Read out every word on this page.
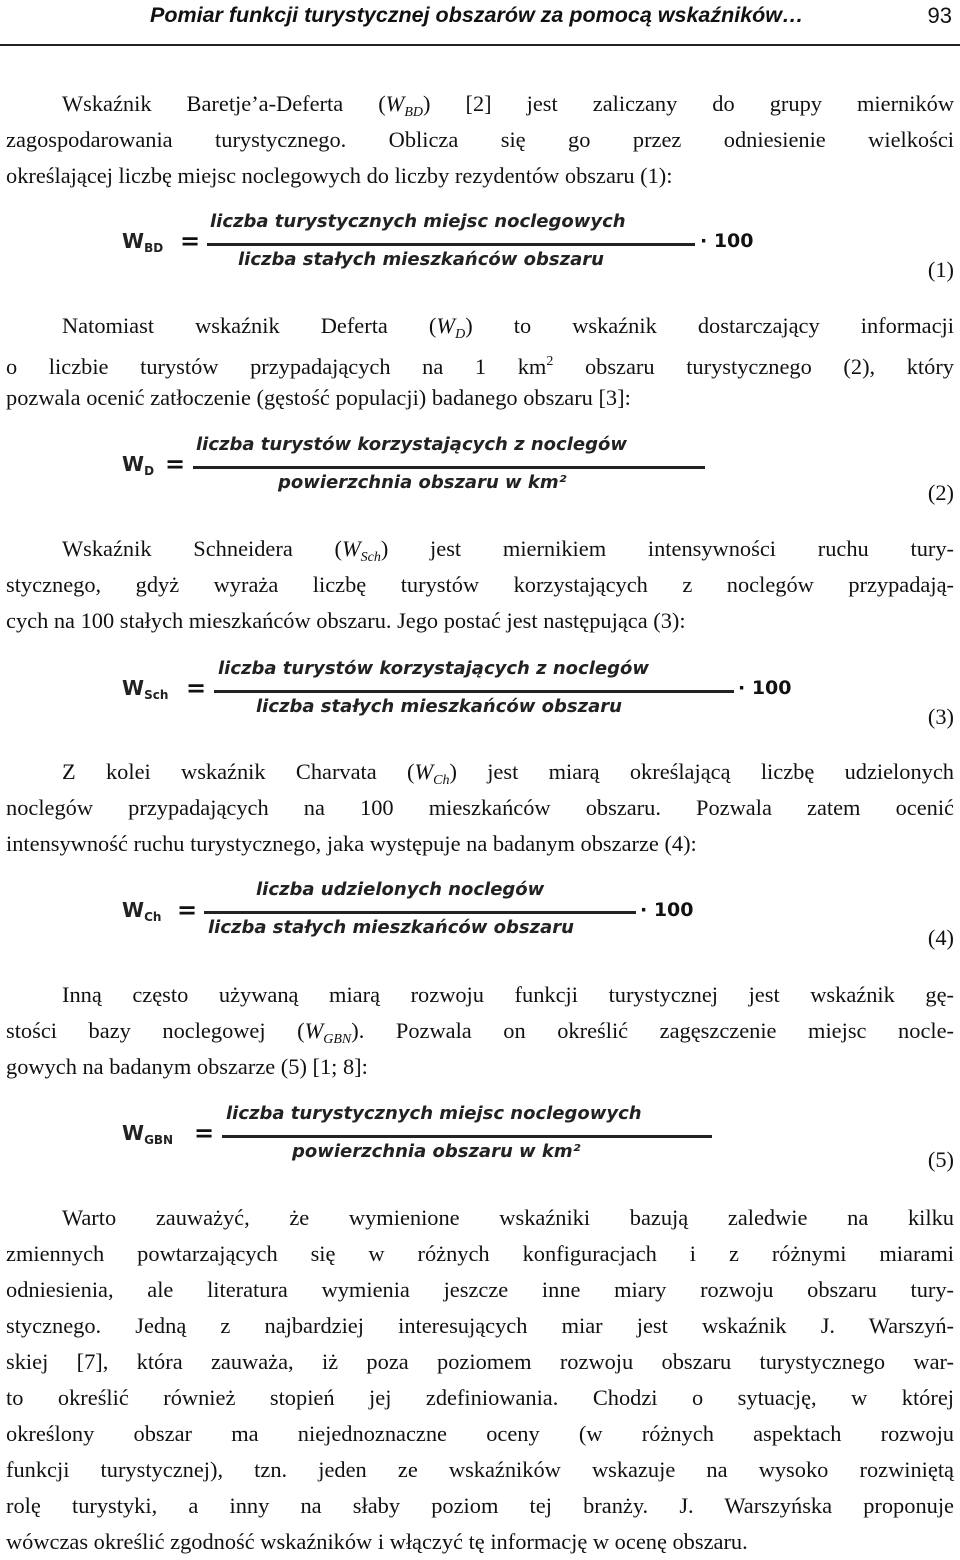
Pomiar funkcji turystycznej obszarów za pomocą wskaźników…	93
Wskaźnik Baretje’a-Deferta $(W_{BD})$ [2] jest zaliczany do grupy mierników
zagospodarowania turystycznego. Oblicza się go przez odniesienie wielkości
określającej liczbę miejsc noclegowych do liczby rezydentów obszaru (1):
$W_{BD}$ =
liczba turystycznych miejsc noclegowych
liczba stałych mieszkańców obszaru
· 100
(1)
Natomiast wskaźnik Deferta $(W_D)$ to wskaźnik dostarczający informacji
o liczbie turystów przypadających na 1 $km^2$ obszaru turystycznego (2), który
pozwala ocenić zatłoczenie (gęstość populacji) badanego obszaru [3]:
$W_D$ =
liczba turystów korzystających z noclegów
powierzchnia obszaru w km²	(2)
Wskaźnik Schneidera $(W_{Sch})$ jest miernikiem intensywności ruchu tury-
stycznego, gdyż wyraża liczbę turystów korzystających z noclegów przypadają-
cych na 100 stałych mieszkańców obszaru. Jego postać jest następująca (3):
$W_{Sch}$ =
liczba turystów korzystających z noclegów
liczba stałych mieszkańców obszaru
· 100
(3)
Z kolei wskaźnik Charvata $(W_{Ch})$ jest miarą określającą liczbę udzielonych
noclegów przypadających na 100 mieszkańców obszaru. Pozwala zatem ocenić
intensywność ruchu turystycznego, jaka występuje na badanym obszarze (4):
$W_{Ch}$ =
liczba udzielonych noclegów
liczba stałych mieszkańców obszaru
· 100
(4)
Inną często używaną miarą rozwoju funkcji turystycznej jest wskaźnik gę-
stości bazy noclegowej $(W_{GBN})$. Pozwala on określić zagęszczenie miejsc nocle-
gowych na badanym obszarze (5) [1; 8]:
$W_{GBN}$ =
liczba turystycznych miejsc noclegowych
powierzchnia obszaru w km²	(5)
Warto zauważyć, że wymienione wskaźniki bazują zaledwie na kilku
zmiennych powtarzających się w różnych konfiguracjach i z różnymi miarami
odniesienia, ale literatura wymienia jeszcze inne miary rozwoju obszaru tury-
stycznego. Jedną z najbardziej interesujących miar jest wskaźnik J. Warszyń-
skiej [7], która zauważa, iż poza poziomem rozwoju obszaru turystycznego war-
to określić również stopień jej zdefiniowania. Chodzi o sytuację, w której
określony obszar ma niejednoznaczne oceny (w różnych aspektach rozwoju
funkcji turystycznej), tzn. jeden ze wskaźników wskazuje na wysoko rozwiniętą
rolę turystyki, a inny na słaby poziom tej branży. J. Warszyńska proponuje
wówczas określić zgodność wskaźników i włączyć tę informację w ocenę obszaru.
